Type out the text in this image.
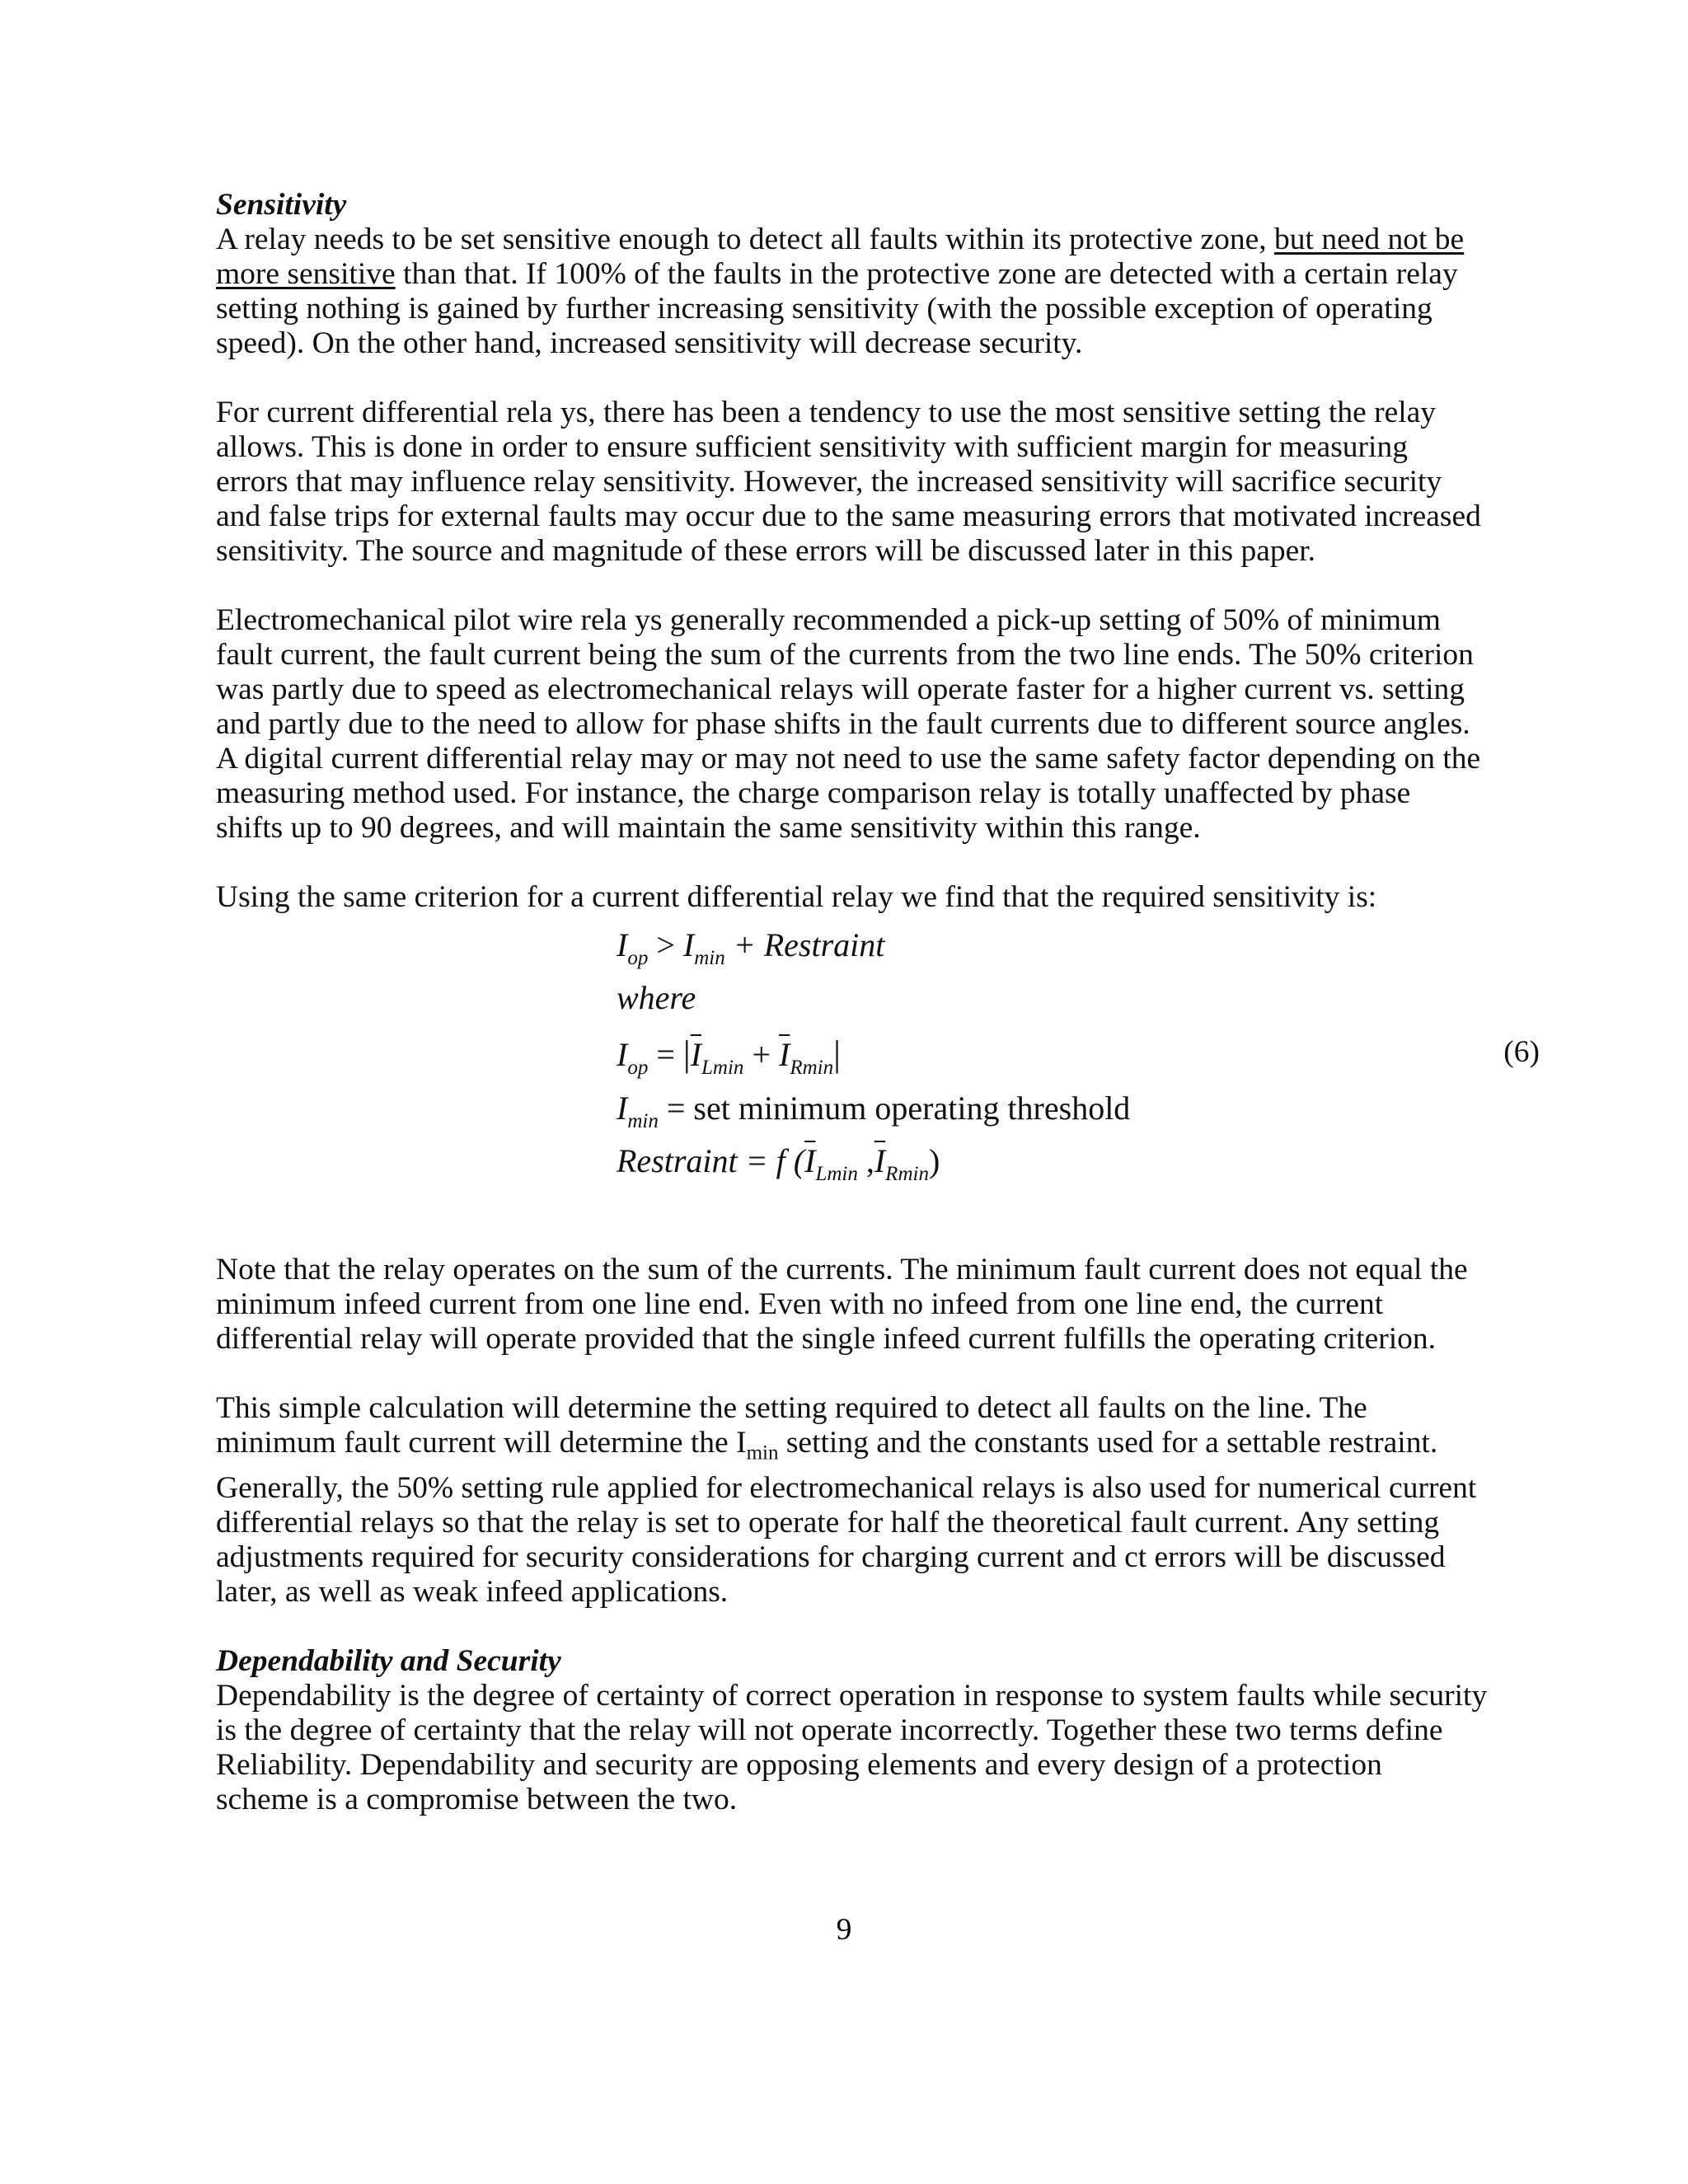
Sensitivity

A relay needs to be set sensitive enough to detect all faults within its protective zone, but need not be
more sensitive than that. If 100% of the faults in the protective zone are detected with a certain relay
setting nothing is gained by further increasing sensitivity (with the possible exception of operating
speed). On the other hand, increased sensitivity will decrease security.

For current differential rela ys, there has been a tendency to use the most sensitive setting the relay
allows. This is done in order to ensure sufficient sensitivity with sufficient margin for measuring
errors that may influence relay sensitivity. However, the increased sensitivity will sacrifice security
and false trips for external faults may occur due to the same measuring errors that motivated increased
sensitivity. The source and magnitude of these errors will be discussed later in this paper.

Electromechanical pilot wire rela ys generally recommended a pick-up setting of 50% of minimum
fault current, the fault current being the sum of the currents from the two line ends. The 50% criterion
was partly due to speed as electromechanical relays will operate faster for a higher current vs. setting
and partly due to the need to allow for phase shifts in the fault currents due to different source angles.
A digital current differential relay may or may not need to use the same safety factor depending on the
measuring method used. For instance, the charge comparison relay is totally unaffected by phase
shifts up to 90 degrees, and will maintain the same sensitivity within this range.

Using the same criterion for a current differential relay we find that the required sensitivity is:

$I_{op} > I_{min}$ + Restraint
where
$I_{op} = |\overline{I}_{Lmin} + \overline{I}_{Rmin}|$
$I_{min}$ = set minimum operating threshold
Restraint = f ($\overline{I}_{Lmin}$ $,\overline{I}_{Rmin}$)
(6)

Note that the relay operates on the sum of the currents. The minimum fault current does not equal the
minimum infeed current from one line end. Even with no infeed from one line end, the current
differential relay will operate provided that the single infeed current fulfills the operating criterion.

This simple calculation will determine the setting required to detect all faults on the line. The
minimum fault current will determine the $I_{min}$ setting and the constants used for a settable restraint.
Generally, the 50% setting rule applied for electromechanical relays is also used for numerical current
differential relays so that the relay is set to operate for half the theoretical fault current. Any setting
adjustments required for security considerations for charging current and ct errors will be discussed
later, as well as weak infeed applications.

Dependability and Security

Dependability is the degree of certainty of correct operation in response to system faults while security
is the degree of certainty that the relay will not operate incorrectly. Together these two terms define
Reliability. Dependability and security are opposing elements and every design of a protection
scheme is a compromise between the two.

9
